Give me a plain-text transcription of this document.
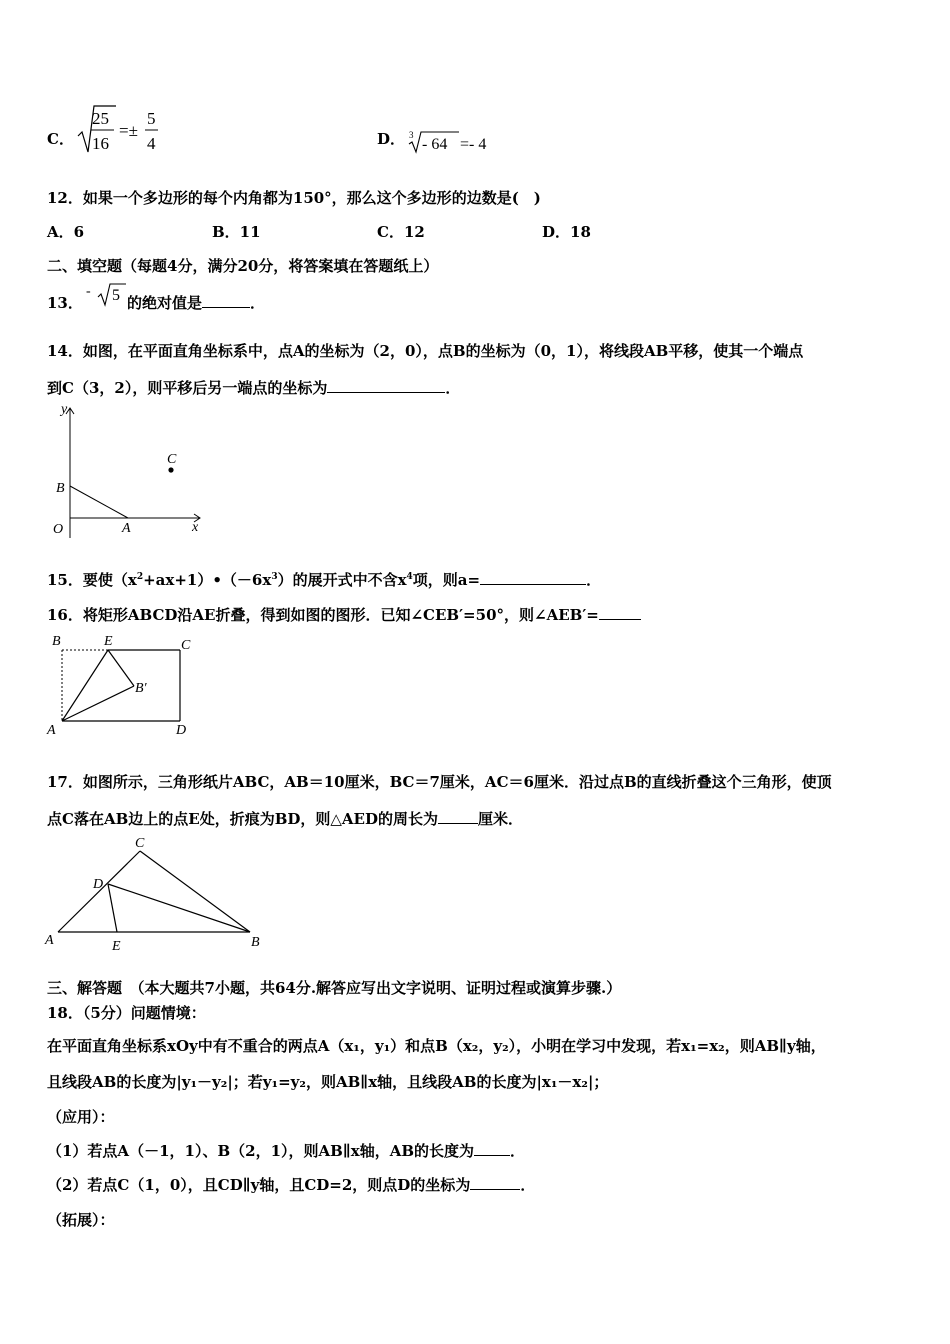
C．
25
16
=±
5
4	D． 3
- 64 =- 4
12．如果一个多边形的每个内角都为150°，那么这个多边形的边数是(　)
A．6	B．11	C．12	D．18
二、填空题（每题4分，满分20分，将答案填在答题纸上）
13．
- 5 的绝对值是	．
14．如图，在平面直角坐标系中，点A的坐标为（2，0），点B的坐标为（0，1），将线段AB平移，使其一个端点
到C（3，2），则平移后另一端点的坐标为	．
y
x
O	A
B
C
15．要使$(x^2+ax+1)•(-6x^3)$的展开式中不含$x^4$项，则a=	．
16．将矩形ABCD沿AE折叠，得到如图的图形．已知∠CEB′=50°，则∠AEB′=
B	E	C
B′
A	D
17．如图所示，三角形纸片ABC，AB＝10厘米，BC＝7厘米，AC＝6厘米．沿过点B的直线折叠这个三角形，使顶
点C落在AB边上的点E处，折痕为BD，则△AED的周长为	厘米．
C
D
A	E	B
三、解答题　（本大题共7小题，共64分.解答应写出文字说明、证明过程或演算步骤.）
18．（5分）问题情境：
在平面直角坐标系xOy中有不重合的两点A（x₁，y₁）和点B（x₂，y₂），小明在学习中发现，若x₁=x₂，则AB∥y轴，
且线段AB的长度为|y₁－y₂|；若y₁=y₂，则AB∥x轴，且线段AB的长度为|x₁－x₂|；
（应用）：
（1）若点A（－1，1）、B（2，1），则AB∥x轴，AB的长度为 ．
（2）若点C（1，0），且CD∥y轴，且CD=2，则点D的坐标为	．
（拓展）：
